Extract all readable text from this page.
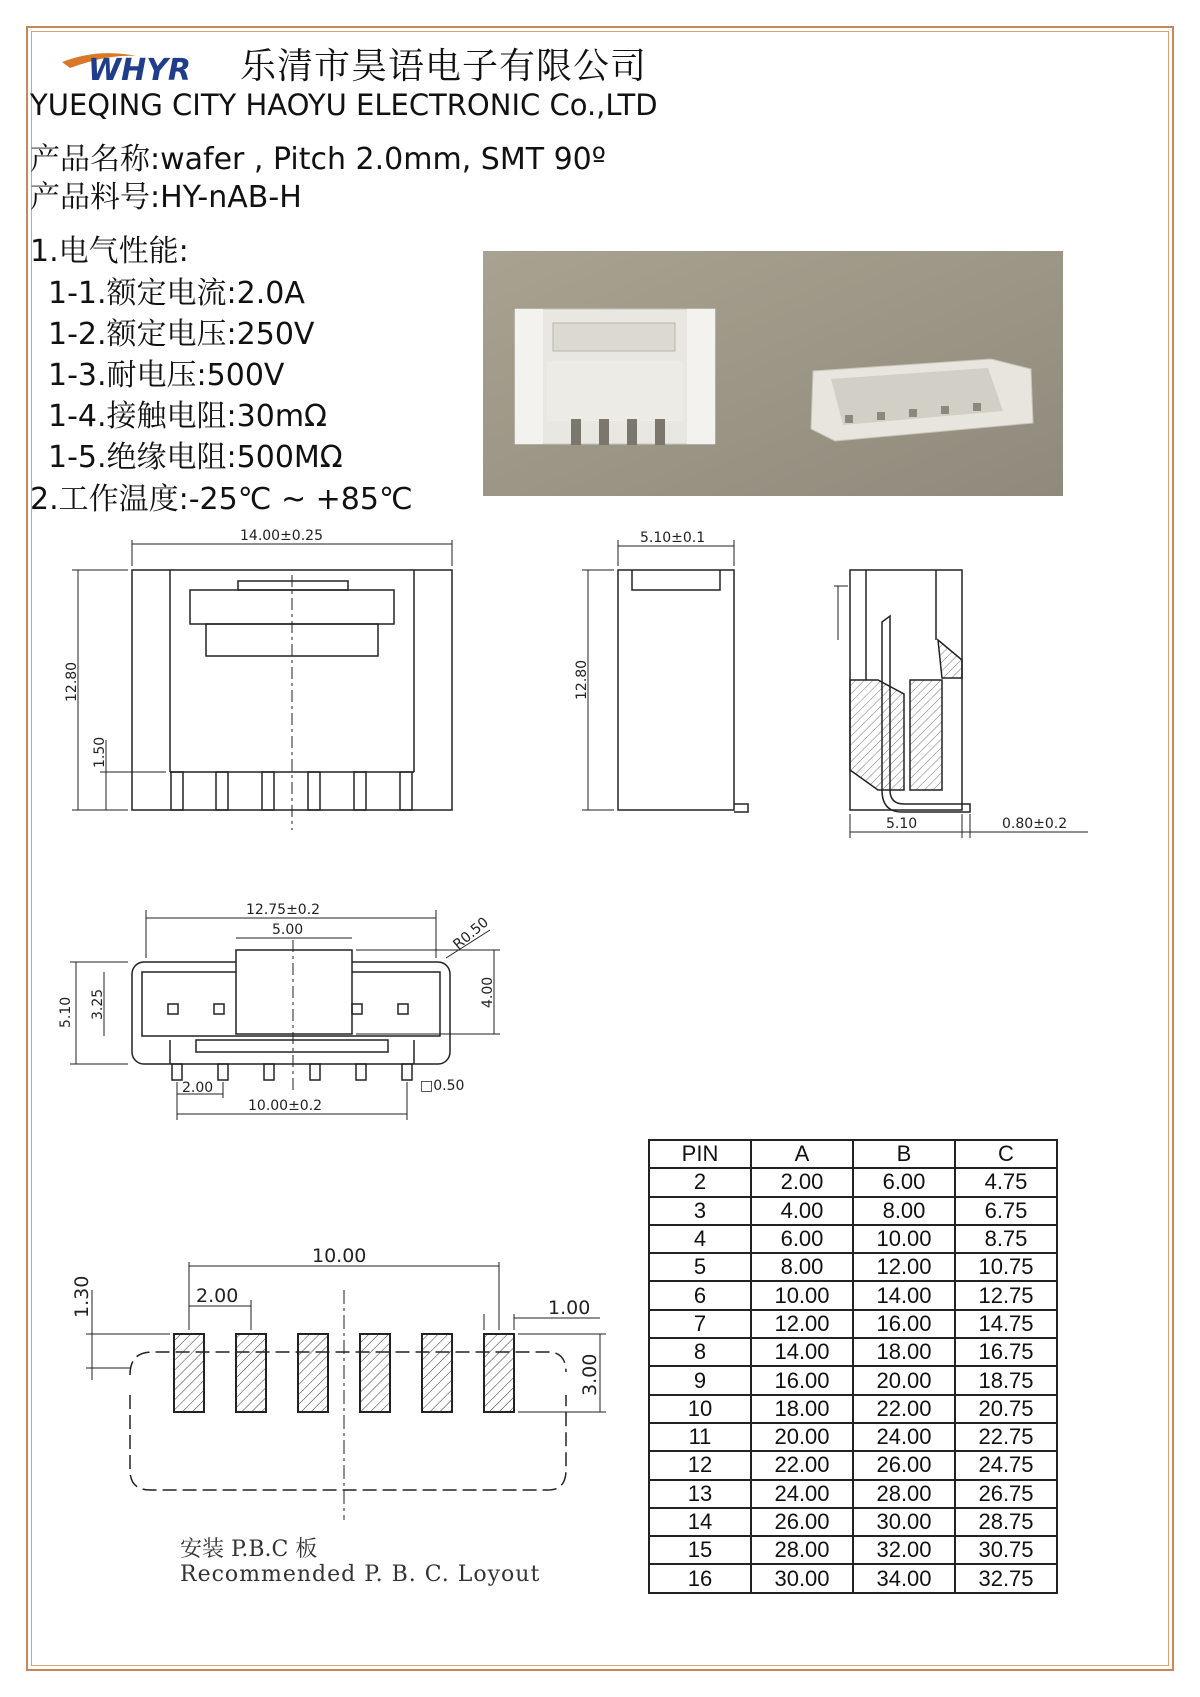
WHYR 乐清市昊语电子有限公司
YUEQING CITY HAOYU ELECTRONIC Co.,LTD
产品名称:wafer , Pitch 2.0mm, SMT 90º
产品料号:HY-nAB-H
1.电气性能:
1-1.额定电流:2.0A
1-2.额定电压:250V
1-3.耐电压:500V
1-4.接触电阻:30mΩ
1-5.绝缘电阻:500MΩ
2.工作温度:-25℃ ~ +85℃
14.00±0.25
12.80
1.50
5.10±0.1
12.80
5.10	0.80±0.2
12.75±0.2
5.00	R0.50
5.10 3.25	4.00
2.00	□0.50
10.00±0.2
10.00
2.00
1.00
1.30
3.00
安装 P.B.C 板
Recommended P. B. C. Loyout
PIN	A	B	C
2	2.00	6.00	4.75
3	4.00	8.00	6.75
4	6.00	10.00	8.75
5	8.00	12.00	10.75
6	10.00	14.00	12.75
7	12.00	16.00	14.75
8	14.00	18.00	16.75
9	16.00	20.00	18.75
10	18.00	22.00	20.75
11	20.00	24.00	22.75
12	22.00	26.00	24.75
13	24.00	28.00	26.75
14	26.00	30.00	28.75
15	28.00	32.00	30.75
16	30.00	34.00	32.75
